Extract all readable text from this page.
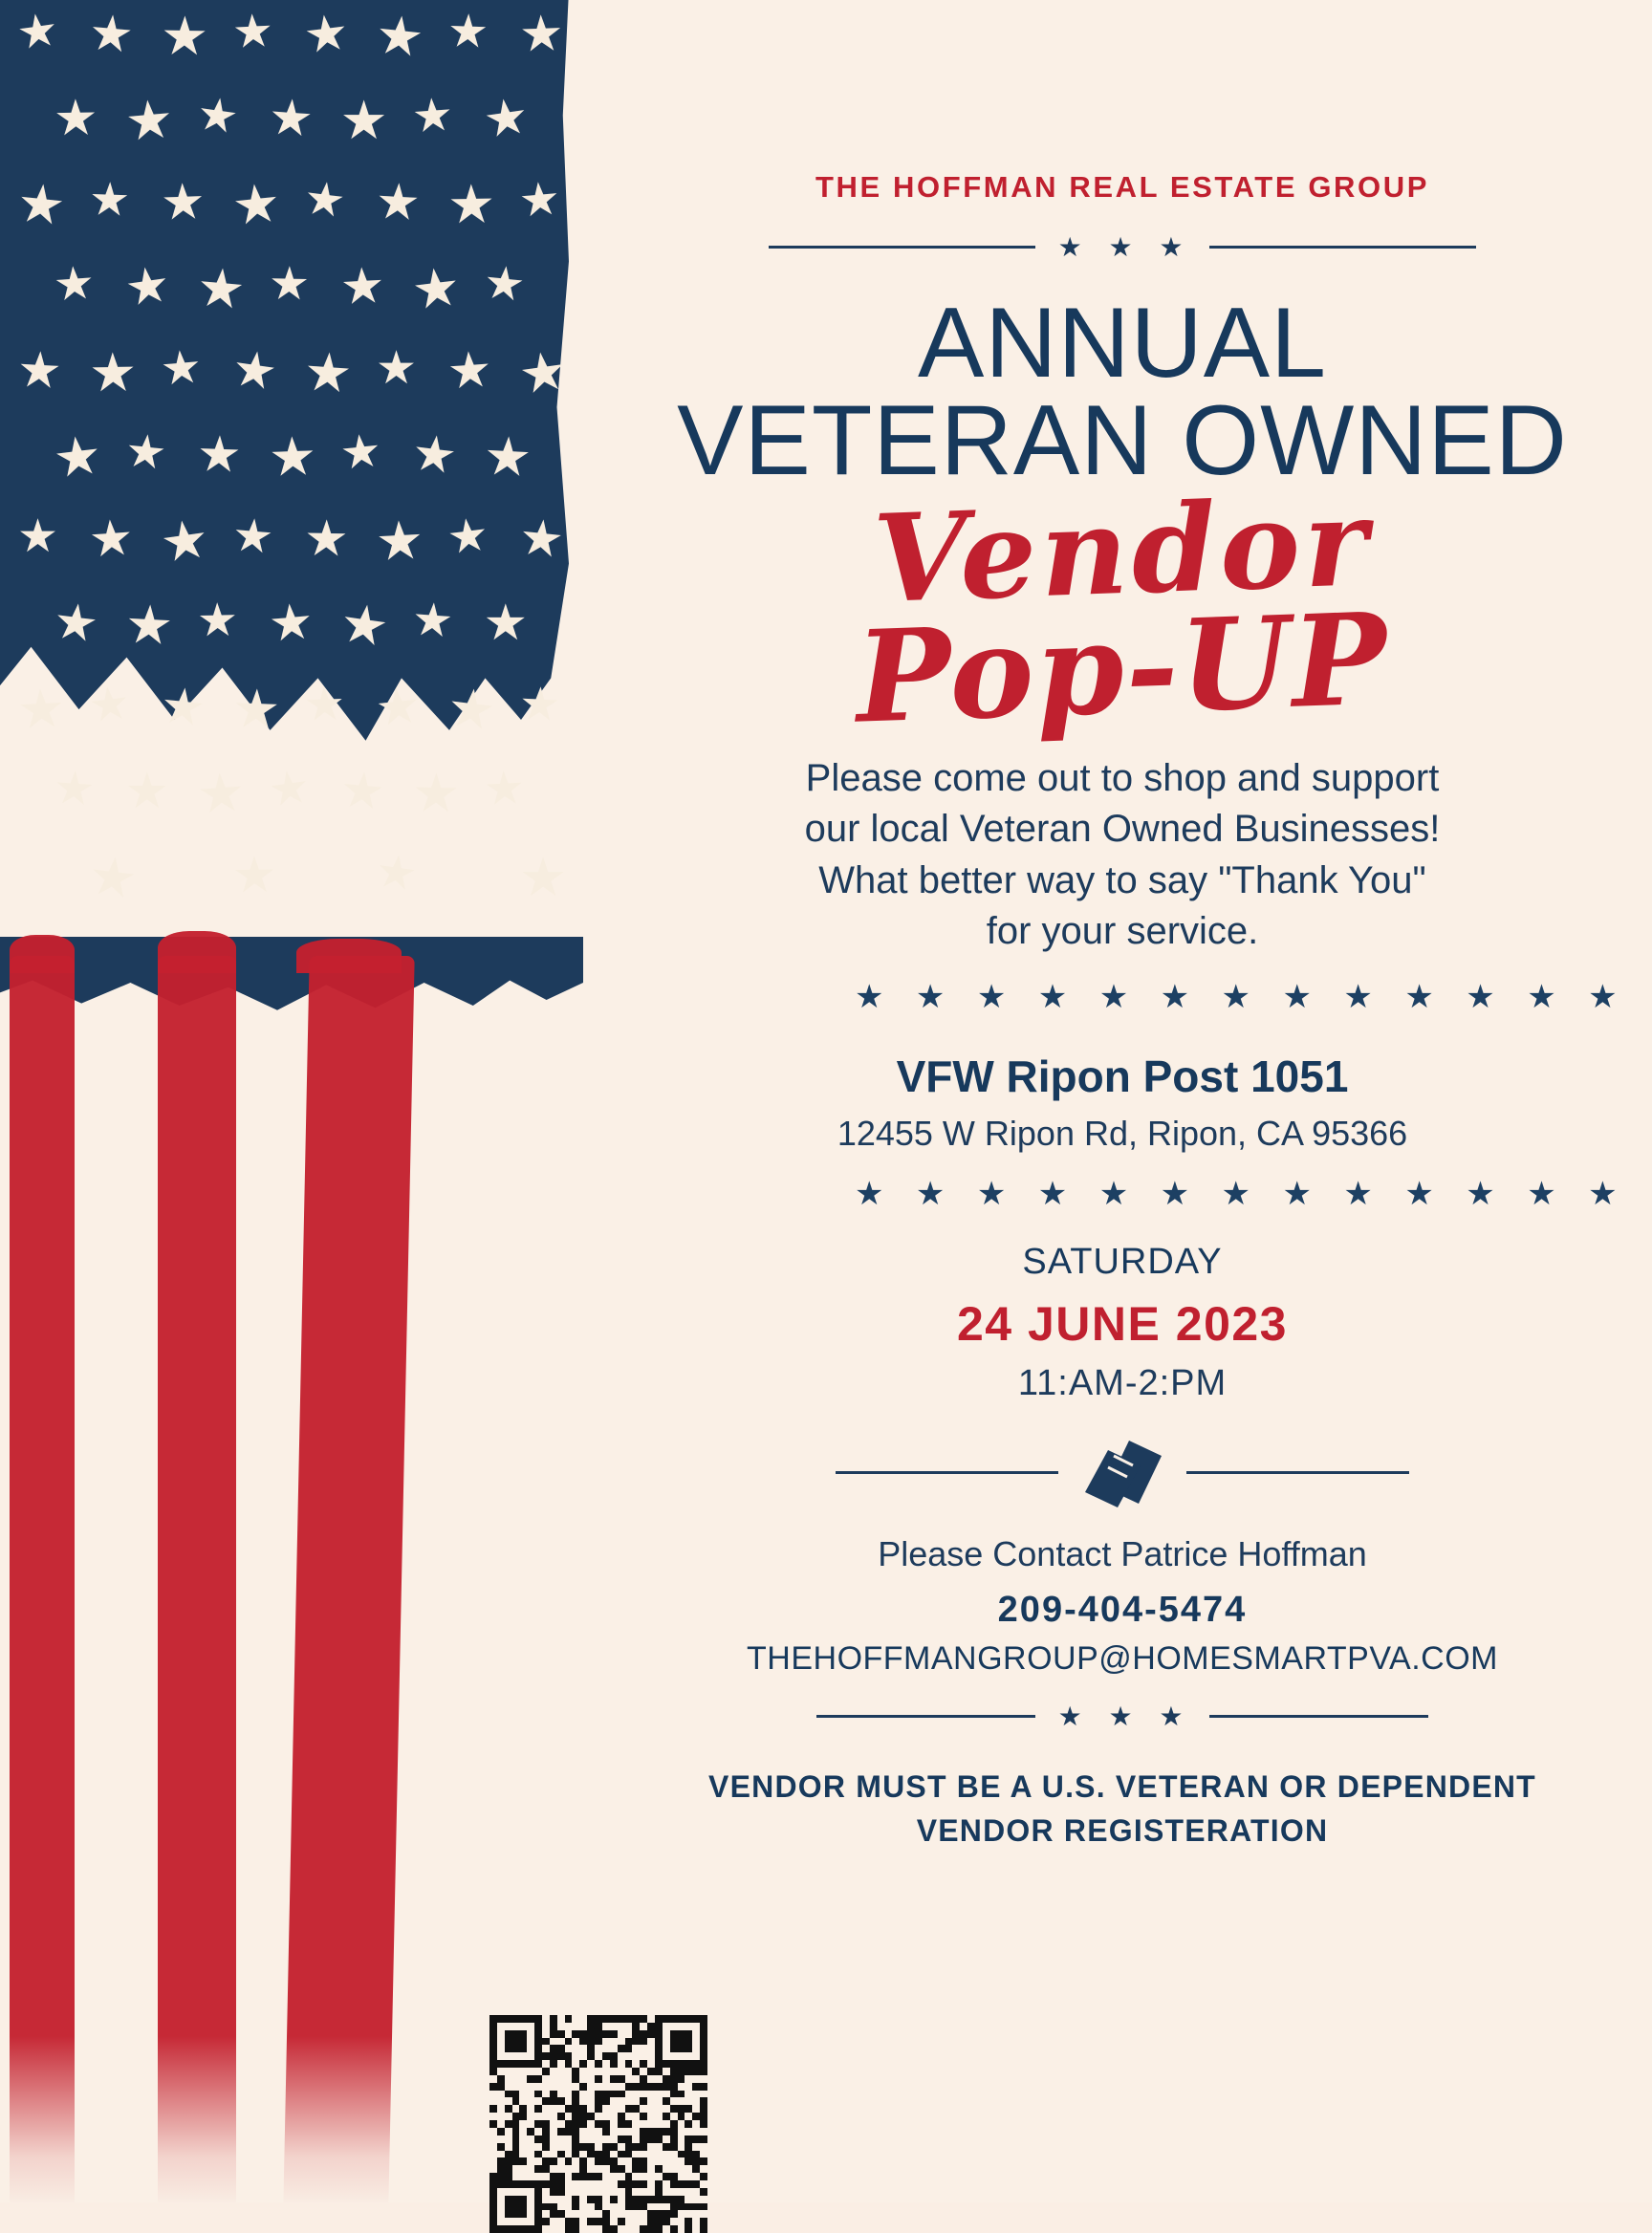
★ ★ ★ ★ ★ ★ ★ ★
★ ★ ★ ★ ★ ★ ★
★ ★ ★ ★ ★ ★ ★ ★
★ ★ ★ ★ ★ ★ ★
★ ★ ★ ★ ★ ★ ★ ★
★ ★ ★ ★ ★ ★ ★
★ ★ ★ ★ ★ ★ ★ ★
★ ★ ★ ★ ★ ★ ★
★ ★ ★ ★ ★ ★ ★ ★
★ ★ ★ ★ ★ ★ ★
★ ★ ★ ★
THE HOFFMAN REAL ESTATE GROUP
★ ★ ★
ANNUAL
VETERAN OWNED
Vendor
Pop-UP
Please come out to shop and support our local Veteran Owned Businesses! What better way to say "Thank You" for your service.
★ ★ ★ ★ ★ ★ ★ ★ ★ ★ ★ ★ ★
VFW Ripon Post 1051
12455 W Ripon Rd, Ripon, CA 95366
★ ★ ★ ★ ★ ★ ★ ★ ★ ★ ★ ★ ★
SATURDAY
24 JUNE 2023
11:AM-2:PM
Please Contact Patrice Hoffman
209-404-5474
THEHOFFMANGROUP@HOMESMARTPVA.COM
★ ★ ★
VENDOR MUST BE A U.S. VETERAN OR DEPENDENT
VENDOR REGISTERATION
